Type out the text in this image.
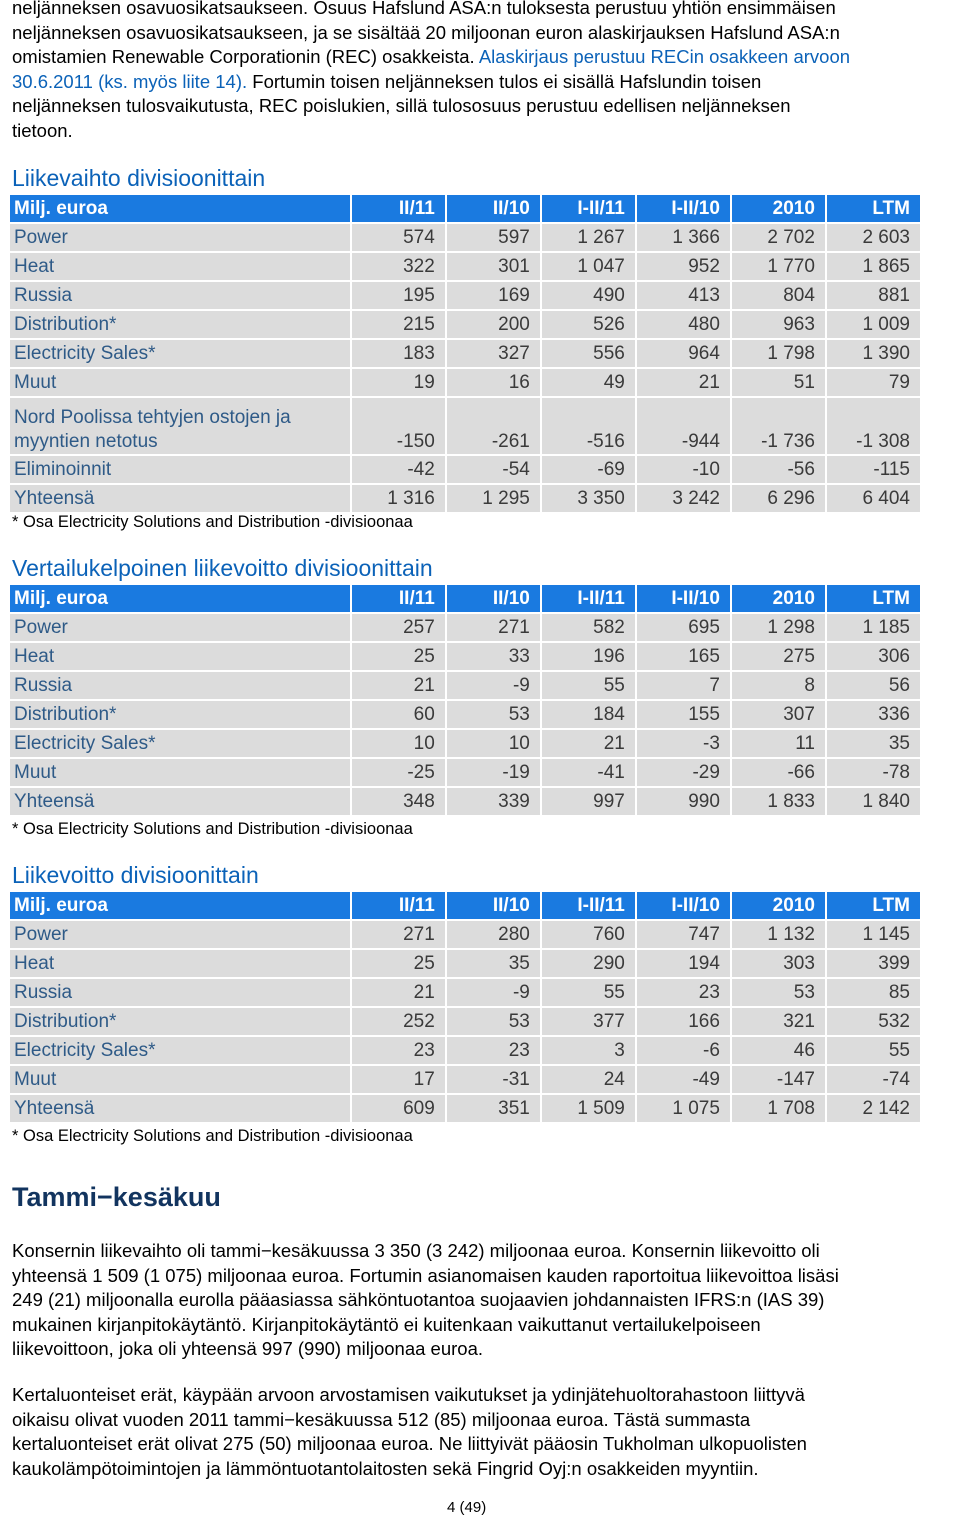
neljänneksen osavuosikatsaukseen. Osuus Hafslund ASA:n tuloksesta perustuu yhtiön ensimmäisen
neljänneksen osavuosikatsaukseen, ja se sisältää 20 miljoonan euron alaskirjauksen Hafslund ASA:n
omistamien Renewable Corporationin (REC) osakkeista. Alaskirjaus perustuu RECin osakkeen arvoon
30.6.2011 (ks. myös liite 14). Fortumin toisen neljänneksen tulos ei sisällä Hafslundin toisen
neljänneksen tulosvaikutusta, REC poislukien, sillä tulososuus perustuu edellisen neljänneksen
tietoon.
Liikevaihto divisioonittain
Milj. euroa	II/11	II/10	I-II/11	I-II/10	2010	LTM
Power	574	597	1 267	1 366	2 702	2 603
Heat	322	301	1 047	952	1 770	1 865
Russia	195	169	490	413	804	881
Distribution*	215	200	526	480	963	1 009
Electricity Sales*	183	327	556	964	1 798	1 390
Muut	19	16	49	21	51	79
Nord Poolissa tehtyjen ostojen ja myyntien netotus	-150	-261	-516	-944	-1 736	-1 308
Eliminoinnit	-42	-54	-69	-10	-56	-115
Yhteensä	1 316	1 295	3 350	3 242	6 296	6 404
* Osa Electricity Solutions and Distribution -divisioonaa
Vertailukelpoinen liikevoitto divisioonittain
Milj. euroa	II/11	II/10	I-II/11	I-II/10	2010	LTM
Power	257	271	582	695	1 298	1 185
Heat	25	33	196	165	275	306
Russia	21	-9	55	7	8	56
Distribution*	60	53	184	155	307	336
Electricity Sales*	10	10	21	-3	11	35
Muut	-25	-19	-41	-29	-66	-78
Yhteensä	348	339	997	990	1 833	1 840
* Osa Electricity Solutions and Distribution -divisioonaa
Liikevoitto divisioonittain
Milj. euroa	II/11	II/10	I-II/11	I-II/10	2010	LTM
Power	271	280	760	747	1 132	1 145
Heat	25	35	290	194	303	399
Russia	21	-9	55	23	53	85
Distribution*	252	53	377	166	321	532
Electricity Sales*	23	23	3	-6	46	55
Muut	17	-31	24	-49	-147	-74
Yhteensä	609	351	1 509	1 075	1 708	2 142
* Osa Electricity Solutions and Distribution -divisioonaa
Tammi−kesäkuu
Konsernin liikevaihto oli tammi−kesäkuussa 3 350 (3 242) miljoonaa euroa. Konsernin liikevoitto oli
yhteensä 1 509 (1 075) miljoonaa euroa. Fortumin asianomaisen kauden raportoitua liikevoittoa lisäsi
249 (21) miljoonalla eurolla pääasiassa sähköntuotantoa suojaavien johdannaisten IFRS:n (IAS 39)
mukainen kirjanpitokäytäntö. Kirjanpitokäytäntö ei kuitenkaan vaikuttanut vertailukelpoiseen
liikevoittoon, joka oli yhteensä 997 (990) miljoonaa euroa.
Kertaluonteiset erät, käypään arvoon arvostamisen vaikutukset ja ydinjätehuoltorahastoon liittyvä
oikaisu olivat vuoden 2011 tammi−kesäkuussa 512 (85) miljoonaa euroa. Tästä summasta
kertaluonteiset erät olivat 275 (50) miljoonaa euroa. Ne liittyivät pääosin Tukholman ulkopuolisten
kaukolämpötoimintojen ja lämmöntuotantolaitosten sekä Fingrid Oyj:n osakkeiden myyntiin.
4 (49)
